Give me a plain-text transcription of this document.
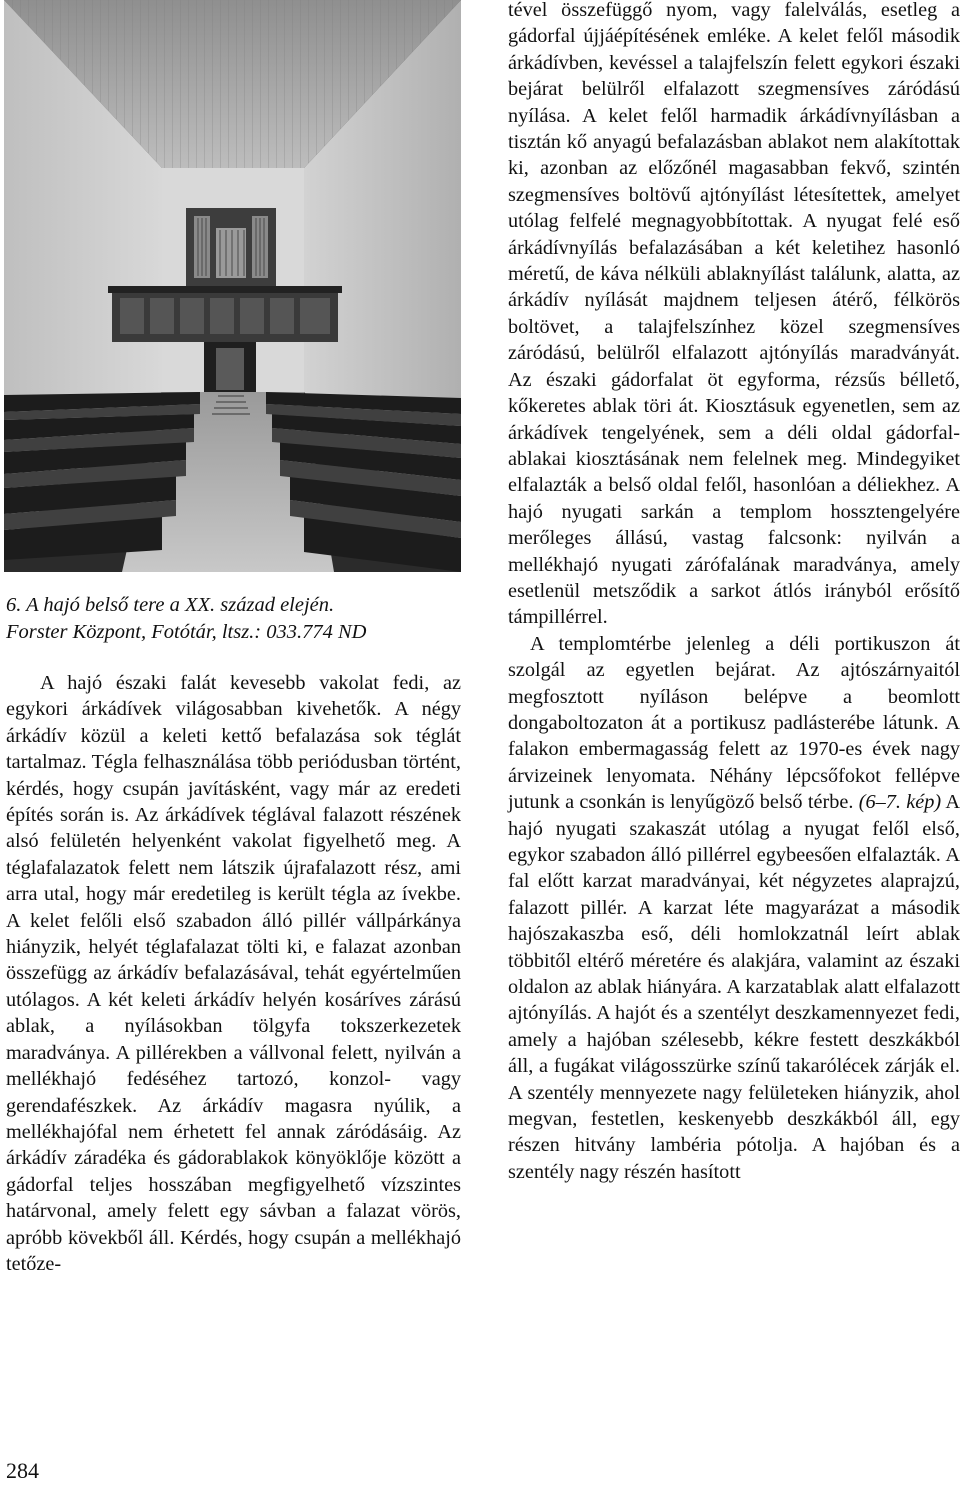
6. A hajó belső tere a XX. század elején.
Forster Központ, Fotótár, ltsz.: 033.774 ND

A hajó északi falát kevesebb vakolat fedi, az egykori árkádívek világosabban kivehetők. A négy árkádív közül a keleti kettő befalazása sok téglát tartalmaz. Tégla felhasználása több periódusban történt, kérdés, hogy csupán javításként, vagy már az eredeti építés során is. Az árkádívek téglával falazott részének alsó felületén helyenként vakolat figyelhető meg. A téglafalazatok felett nem látszik újrafalazott rész, ami arra utal, hogy már eredetileg is került tégla az ívekbe. A kelet felőli első szabadon álló pillér vállpárkánya hiányzik, helyét téglafalazat tölti ki, e falazat azonban összefügg az árkádív befalazásával, tehát egyértelműen utólagos. A két keleti árkádív helyén kosáríves zárású ablak, a nyílásokban tölgyfa tokszerkezetek maradványa. A pillérekben a vállvonal felett, nyilván a mellékhajó fedéséhez tartozó, konzol- vagy gerendafészkek. Az árkádív magasra nyúlik, a mellékhajófal nem érhetett fel annak záródásáig. Az árkádív záradéka és gádorablakok könyöklője között a gádorfal teljes hosszában megfigyelhető vízszintes határvonal, amely felett egy sávban a falazat vörös, apróbb kövekből áll. Kérdés, hogy csupán a mellékhajó tetőze-

tével összefüggő nyom, vagy falelválás, esetleg a gádorfal újjáépítésének emléke. A kelet felől második árkádívben, kevéssel a talajfelszín felett egykori északi bejárat belülről elfalazott szegmensíves záródású nyílása. A kelet felől harmadik árkádívnyílásban a tisztán kő anyagú befalazásban ablakot nem alakítottak ki, azonban az előzőnél magasabban fekvő, szintén szegmensíves boltövű ajtónyílást létesítettek, amelyet utólag felfelé megnagyobbítottak. A nyugat felé eső árkádívnyílás befalazásában a két keletihez hasonló méretű, de káva nélküli ablaknyílást találunk, alatta, az árkádív nyílását majdnem teljesen átérő, félkörös boltövet, a talajfelszínhez közel szegmensíves záródású, belülről elfalazott ajtónyílás maradványát. Az északi gádorfalat öt egyforma, rézsűs béllető, kőkeretes ablak töri át. Kiosztásuk egyenetlen, sem az árkádívek tengelyének, sem a déli oldal gádorfal-ablakai kiosztásának nem felelnek meg. Mindegyiket elfalazták a belső oldal felől, hasonlóan a déliekhez. A hajó nyugati sarkán a templom hossztengelyére merőleges állású, vastag falcsonk: nyilván a mellékhajó nyugati zárófalának maradványa, amely esetlenül metsződik a sarkot átlós irányból erősítő támpillérrel.

A templomtérbe jelenleg a déli portikuszon át szolgál az egyetlen bejárat. Az ajtószárnyaitól megfosztott nyíláson belépve a beomlott dongaboltozaton át a portikusz padlásterébe látunk. A falakon embermagasság felett az 1970-es évek nagy árvizeinek lenyomata. Néhány lépcsőfokot fellépve jutunk a csonkán is lenyűgöző belső térbe. (6–7. kép) A hajó nyugati szakaszát utólag a nyugat felől első, egykor szabadon álló pillérrel egybeesően elfalazták. A fal előtt karzat maradványai, két négyzetes alaprajzú, falazott pillér. A karzat léte magyarázat a második hajószakaszba eső, déli homlokzatnál leírt ablak többitől eltérő méretére és alakjára, valamint az északi oldalon az ablak hiányára. A karzatablak alatt elfalazott ajtónyílás. A hajót és a szentélyt deszkamennyezet fedi, amely a hajóban szélesebb, kékre festett deszkákból áll, a fugákat világosszürke színű takarólécek zárják el. A szentély mennyezete nagy felületeken hiányzik, ahol megvan, festetlen, keskenyebb deszkákból áll, egy részen hitvány lambéria pótolja. A hajóban és a szentély nagy részén hasított

284
